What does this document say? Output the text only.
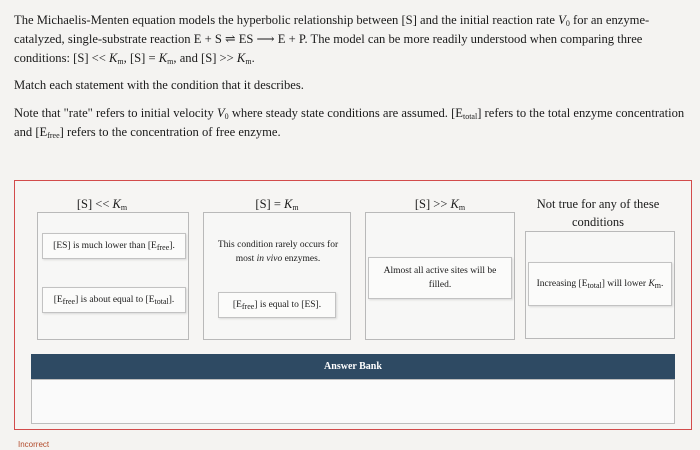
The Michaelis-Menten equation models the hyperbolic relationship between [S] and the initial reaction rate $V_0$ for an enzyme-catalyzed, single-substrate reaction E + S ⇌ ES ⟶ E + P. The model can be more readily understood when comparing three conditions: $[S] << K_m$, $[S] = K_m$, and $[S] >> K_m$.

Match each statement with the condition that it describes.

Note that "rate" refers to initial velocity $V_0$ where steady state conditions are assumed. $[E_{total}]$ refers to the total enzyme concentration and $[E_{free}]$ refers to the concentration of free enzyme.

$[S] << K_m$	$[S] = K_m$	$[S] >> K_m$	Not true for any of these conditions
[ES] is much lower than $[E_{free}]$.
$[E_{free}]$ is about equal to $[E_{total}]$.
This condition rarely occurs for most in vivo enzymes.
$[E_{free}]$ is equal to [ES].
Almost all active sites will be filled.	Increasing $[E_{total}]$ will lower $K_m$.
Answer Bank
Incorrect
